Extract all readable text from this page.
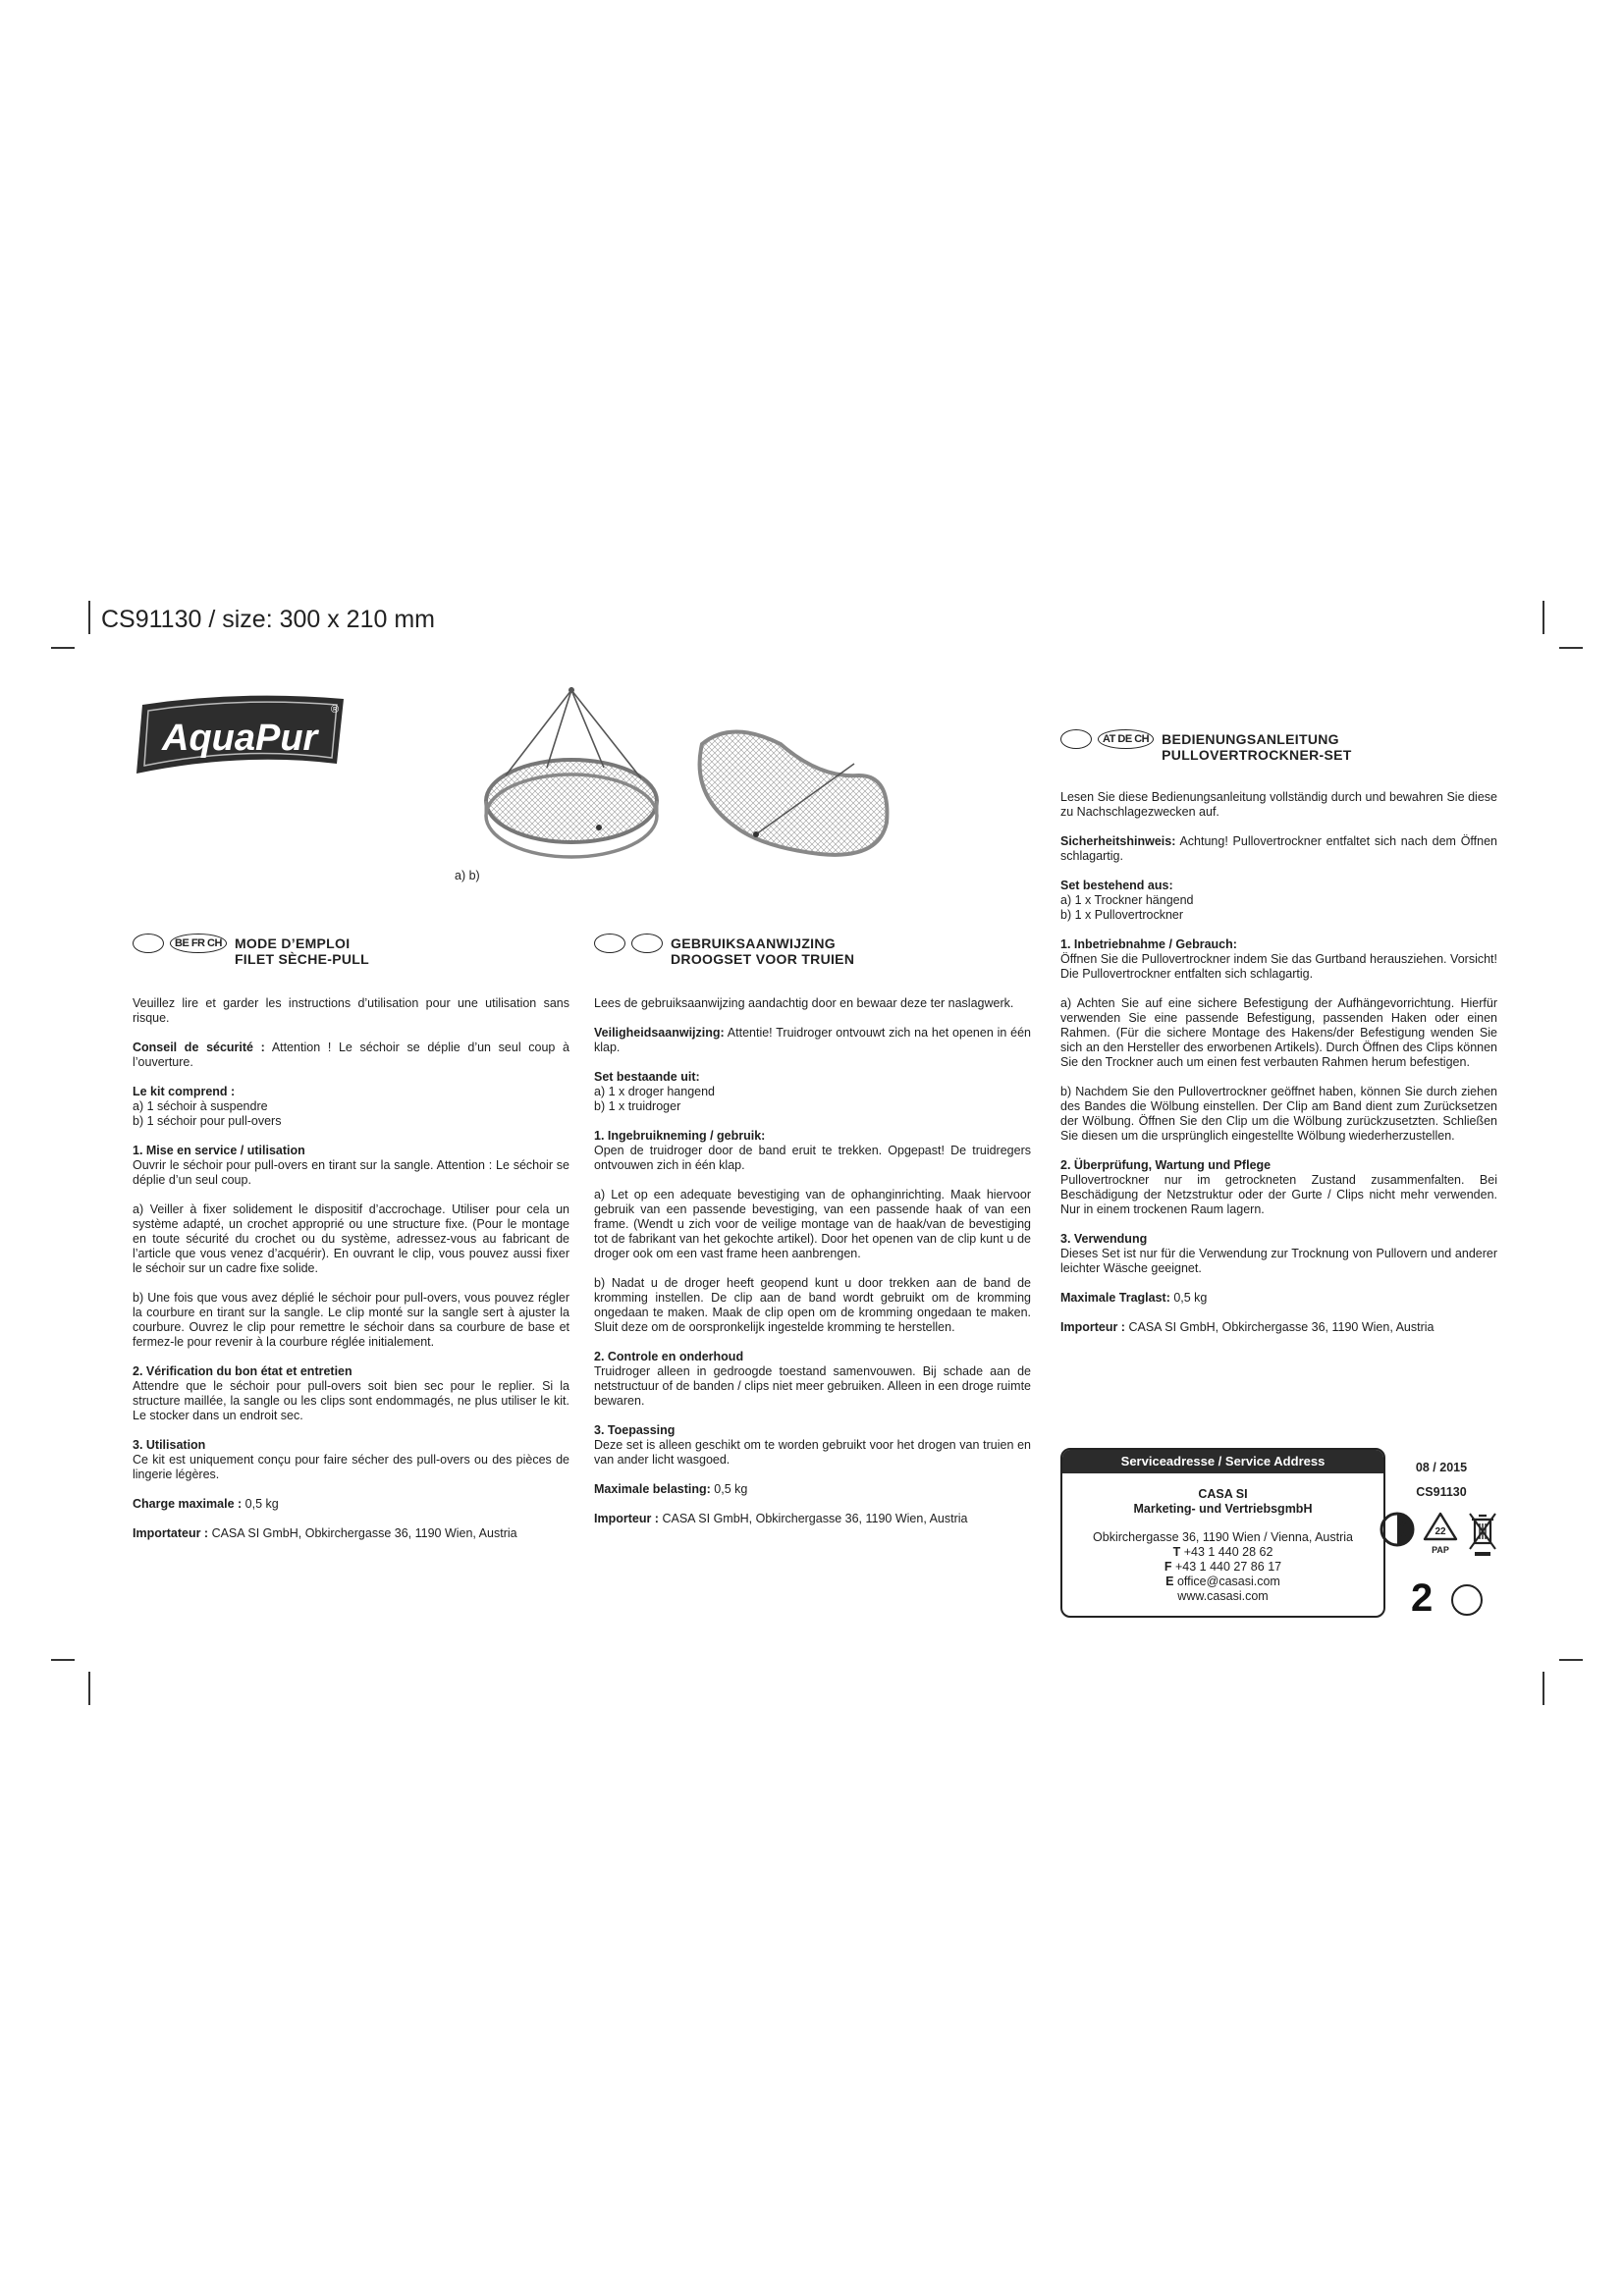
CS91130 / size: 300 x 210 mm
AquaPur
®
a) b)
BE FR CH MODE D’EMPLOI
FILET SÈCHE-PULL

Veuillez lire et garder les instructions d’utilisation pour une utilisation sans risque.

Conseil de sécurité : Attention ! Le séchoir se déplie d’un seul coup à l’ouverture.

Le kit comprend :
a) 1 séchoir à suspendre
b) 1 séchoir pour pull-overs

1. Mise en service / utilisation
Ouvrir le séchoir pour pull-overs en tirant sur la sangle. Attention : Le séchoir se déplie d’un seul coup.

a) Veiller à fixer solidement le dispositif d’accrochage. Utiliser pour cela un système adapté, un crochet approprié ou une structure fixe. (Pour le montage en toute sécurité du crochet ou du système, adressez-vous au fabricant de l’article que vous venez d’acquérir). En ouvrant le clip, vous pouvez aussi fixer le séchoir sur un cadre fixe solide.

b) Une fois que vous avez déplié le séchoir pour pull-overs, vous pouvez régler la courbure en tirant sur la sangle. Le clip monté sur la sangle sert à ajuster la courbure. Ouvrez le clip pour remettre le séchoir dans sa courbure de base et fermez-le pour revenir à la courbure réglée initialement.

2. Vérification du bon état et entretien
Attendre que le séchoir pour pull-overs soit bien sec pour le replier. Si la structure maillée, la sangle ou les clips sont endommagés, ne plus utiliser le kit. Le stocker dans un endroit sec.

3. Utilisation
Ce kit est uniquement conçu pour faire sécher des pull-overs ou des pièces de lingerie légères.

Charge maximale : 0,5 kg

Importateur : CASA SI GmbH, Obkirchergasse 36, 1190 Wien, Austria

GEBRUIKSAANWIJZING
DROOGSET VOOR TRUIEN

Lees de gebruiksaanwijzing aandachtig door en bewaar deze ter naslagwerk.

Veiligheidsaanwijzing: Attentie! Truidroger ontvouwt zich na het openen in één klap.

Set bestaande uit:
a) 1 x droger hangend
b) 1 x truidroger

1. Ingebruikneming / gebruik:
Open de truidroger door de band eruit te trekken. Opgepast! De truidregers ontvouwen zich in één klap.

a) Let op een adequate bevestiging van de ophanginrichting. Maak hiervoor gebruik van een passende bevestiging, van een passende haak of van een frame. (Wendt u zich voor de veilige montage van de haak/van de bevestiging tot de fabrikant van het gekochte artikel). Door het openen van de clip kunt u de droger ook om een vast frame heen aanbrengen.

b) Nadat u de droger heeft geopend kunt u door trekken aan de band de kromming instellen. De clip aan de band wordt gebruikt om de kromming ongedaan te maken. Maak de clip open om de kromming ongedaan te maken. Sluit deze om de oorspronkelijk ingestelde kromming te herstellen.

2. Controle en onderhoud
Truidroger alleen in gedroogde toestand samenvouwen. Bij schade aan de netstructuur of de banden / clips niet meer gebruiken. Alleen in een droge ruimte bewaren.

3. Toepassing
Deze set is alleen geschikt om te worden gebruikt voor het drogen van truien en van ander licht wasgoed.

Maximale belasting: 0,5 kg

Importeur : CASA SI GmbH, Obkirchergasse 36, 1190 Wien, Austria

AT DE CH BEDIENUNGSANLEITUNG
PULLOVERTROCKNER-SET

Lesen Sie diese Bedienungsanleitung vollständig durch und bewahren Sie diese zu Nachschlagezwecken auf.

Sicherheitshinweis: Achtung! Pullovertrockner entfaltet sich nach dem Öffnen schlagartig.

Set bestehend aus:
a) 1 x Trockner hängend
b) 1 x Pullovertrockner

1. Inbetriebnahme / Gebrauch:
Öffnen Sie die Pullovertrockner indem Sie das Gurtband herausziehen. Vorsicht! Die Pullovertrockner entfalten sich schlagartig.

a) Achten Sie auf eine sichere Befestigung der Aufhängevorrichtung. Hierfür verwenden Sie eine passende Befestigung, passenden Haken oder einen Rahmen. (Für die sichere Montage des Hakens/der Befestigung wenden Sie sich an den Hersteller des erworbenen Artikels). Durch Öffnen des Clips können Sie den Trockner auch um einen fest verbauten Rahmen herum befestigen.

b) Nachdem Sie den Pullovertrockner geöffnet haben, können Sie durch ziehen des Bandes die Wölbung einstellen. Der Clip am Band dient zum Zurücksetzen der Wölbung. Öffnen Sie den Clip um die Wölbung zurückzusetzten. Schließen Sie diesen um die ursprünglich eingestellte Wölbung wiederherzustellen.

2. Überprüfung, Wartung und Pflege
Pullovertrockner nur im getrockneten Zustand zusammenfalten. Bei Beschädigung der Netzstruktur oder der Gurte / Clips nicht mehr verwenden. Nur in einem trockenen Raum lagern.

3. Verwendung
Dieses Set ist nur für die Verwendung zur Trocknung von Pullovern und anderer leichter Wäsche geeignet.

Maximale Traglast: 0,5 kg

Importeur : CASA SI GmbH, Obkirchergasse 36, 1190 Wien, Austria

Serviceadresse / Service Address
CASA SI
Marketing- und VertriebsgmbH
Obkirchergasse 36, 1190 Wien / Vienna, Austria
T +43 1 440 28 62
F +43 1 440 27 86 17
E office@casasi.com
www.casasi.com
08 / 2015
CS91130
22
PAP
2
